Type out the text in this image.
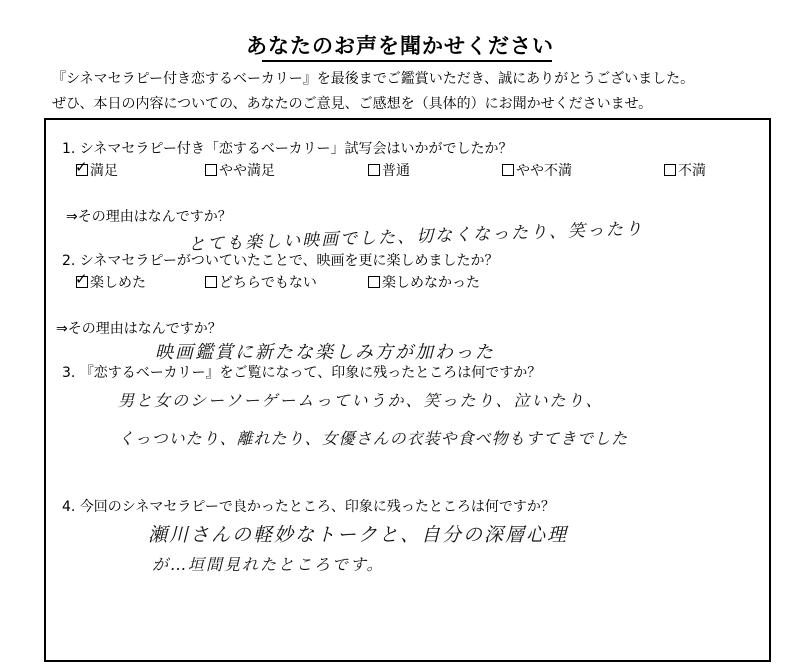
あなたのお声を聞かせください
『シネマセラピー付き恋するベーカリー』を最後までご鑑賞いただき、誠にありがとうございました。
ぜひ、本日の内容についての、あなたのご意見、ご感想を（具体的）にお聞かせくださいませ。
1. シネマセラピー付き「恋するベーカリー」試写会はいかがでしたか？
✓ 満足	やや満足	普通	やや不満	不満
⇒その理由はなんですか？
とても楽しい映画でした、切なくなったり、笑ったり
2. シネマセラピーがついていたことで、映画を更に楽しめましたか？
✓ 楽しめた	どちらでもない	楽しめなかった
⇒その理由はなんですか？
映画鑑賞に新たな楽しみ方が加わった
3. 『恋するベーカリー』をご覧になって、印象に残ったところは何ですか？
男と女のシーソーゲームっていうか、笑ったり、泣いたり、
くっついたり、離れたり、女優さんの衣装や食べ物もすてきでした
4. 今回のシネマセラピーで良かったところ、印象に残ったところは何ですか？
瀬川さんの軽妙なトークと、自分の深層心理
が…垣間見れたところです。
